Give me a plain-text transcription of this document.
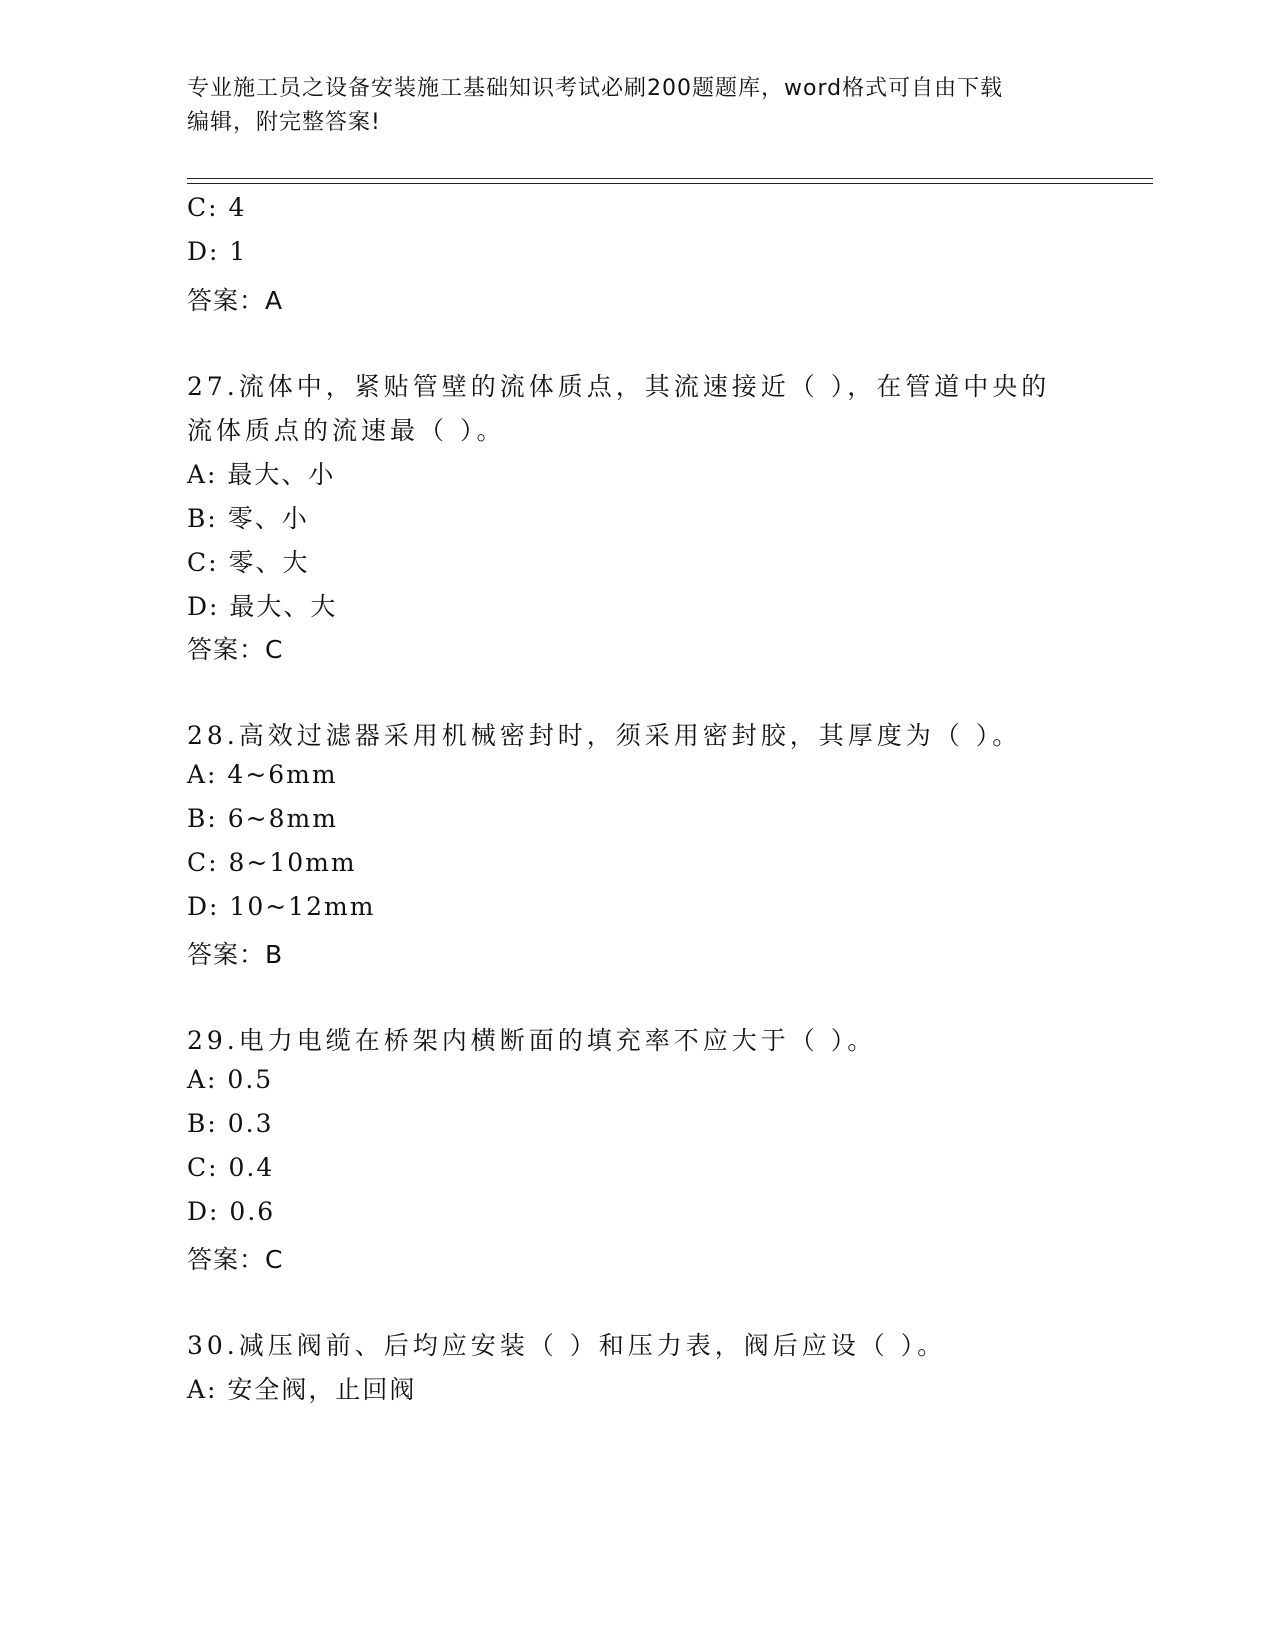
专业施工员之设备安装施工基础知识考试必刷200题题库，word格式可自由下载
编辑，附完整答案!
C: 4
D: 1
答案：A
27.流体中，紧贴管壁的流体质点，其流速接近（ ），在管道中央的
流体质点的流速最（ ）。
A: 最大、小
B: 零、小
C: 零、大
D: 最大、大
答案：C
28.高效过滤器采用机械密封时，须采用密封胶，其厚度为（ ）。
A: 4~6mm
B: 6~8mm
C: 8~10mm
D: 10~12mm
答案：B
29.电力电缆在桥架内横断面的填充率不应大于（ ）。
A: 0.5
B: 0.3
C: 0.4
D: 0.6
答案：C
30.减压阀前、后均应安装（ ）和压力表，阀后应设（ ）。
A: 安全阀，止回阀
